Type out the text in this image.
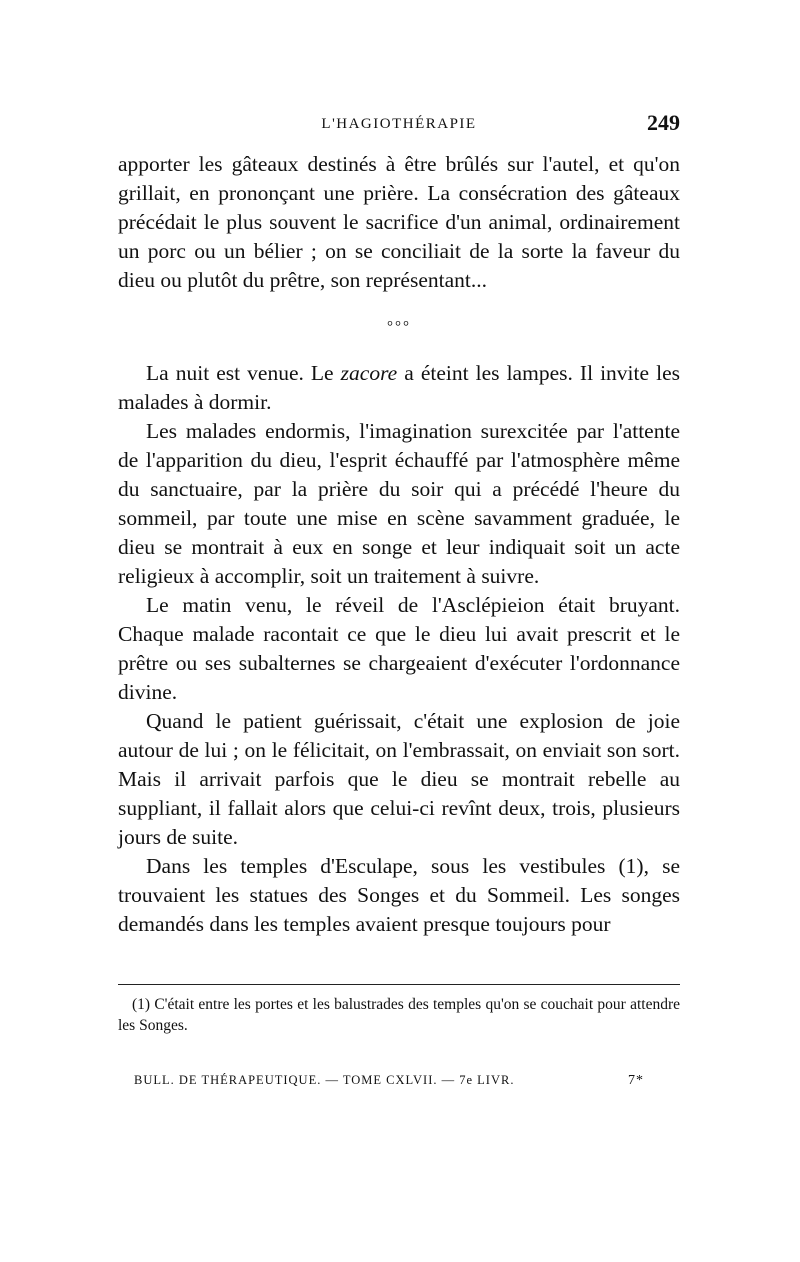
L'HAGIOTHÉRAPIE	249

apporter les gâteaux destinés à être brûlés sur l'autel, et qu'on grillait, en prononçant une prière. La consécration des gâteaux précédait le plus souvent le sacrifice d'un animal, ordinairement un porc ou un bélier ; on se conciliait de la sorte la faveur du dieu ou plutôt du prêtre, son représentant...

°°°

La nuit est venue. Le zacore a éteint les lampes. Il invite les malades à dormir.

Les malades endormis, l'imagination surexcitée par l'attente de l'apparition du dieu, l'esprit échauffé par l'atmosphère même du sanctuaire, par la prière du soir qui a précédé l'heure du sommeil, par toute une mise en scène savamment graduée, le dieu se montrait à eux en songe et leur indiquait soit un acte religieux à accomplir, soit un traitement à suivre.

Le matin venu, le réveil de l'Asclépieion était bruyant. Chaque malade racontait ce que le dieu lui avait prescrit et le prêtre ou ses subalternes se chargeaient d'exécuter l'ordonnance divine.

Quand le patient guérissait, c'était une explosion de joie autour de lui ; on le félicitait, on l'embrassait, on enviait son sort. Mais il arrivait parfois que le dieu se montrait rebelle au suppliant, il fallait alors que celui-ci revînt deux, trois, plusieurs jours de suite.

Dans les temples d'Esculape, sous les vestibules (1), se trouvaient les statues des Songes et du Sommeil. Les songes demandés dans les temples avaient presque toujours pour

(1) C'était entre les portes et les balustrades des temples qu'on se couchait pour attendre les Songes.
BULL. DE THÉRAPEUTIQUE. — TOME CXLVII. — 7e LIVR.	7*
